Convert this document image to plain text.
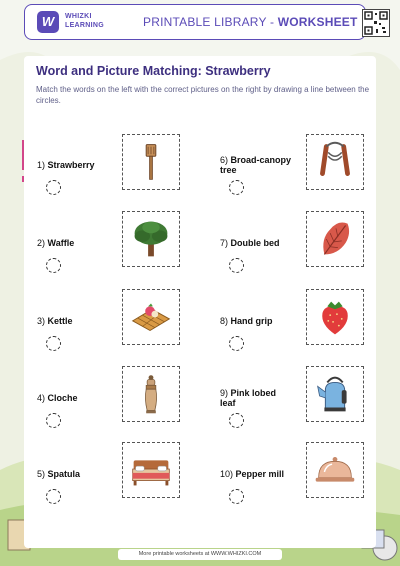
W	WHIZKI
LEARNING	PRINTABLE LIBRARY - WORKSHEET
Word and Picture Matching: Strawberry
Match the words on the left with the correct pictures on the right by drawing a line between the circles.
1) Strawberry
2) Waffle
3) Kettle
4) Cloche
5) Spatula
6) Broad-canopy tree
7) Double bed
8) Hand grip
9) Pink lobed leaf
10) Pepper mill
More printable worksheets at WWW.WHIZKI.COM
